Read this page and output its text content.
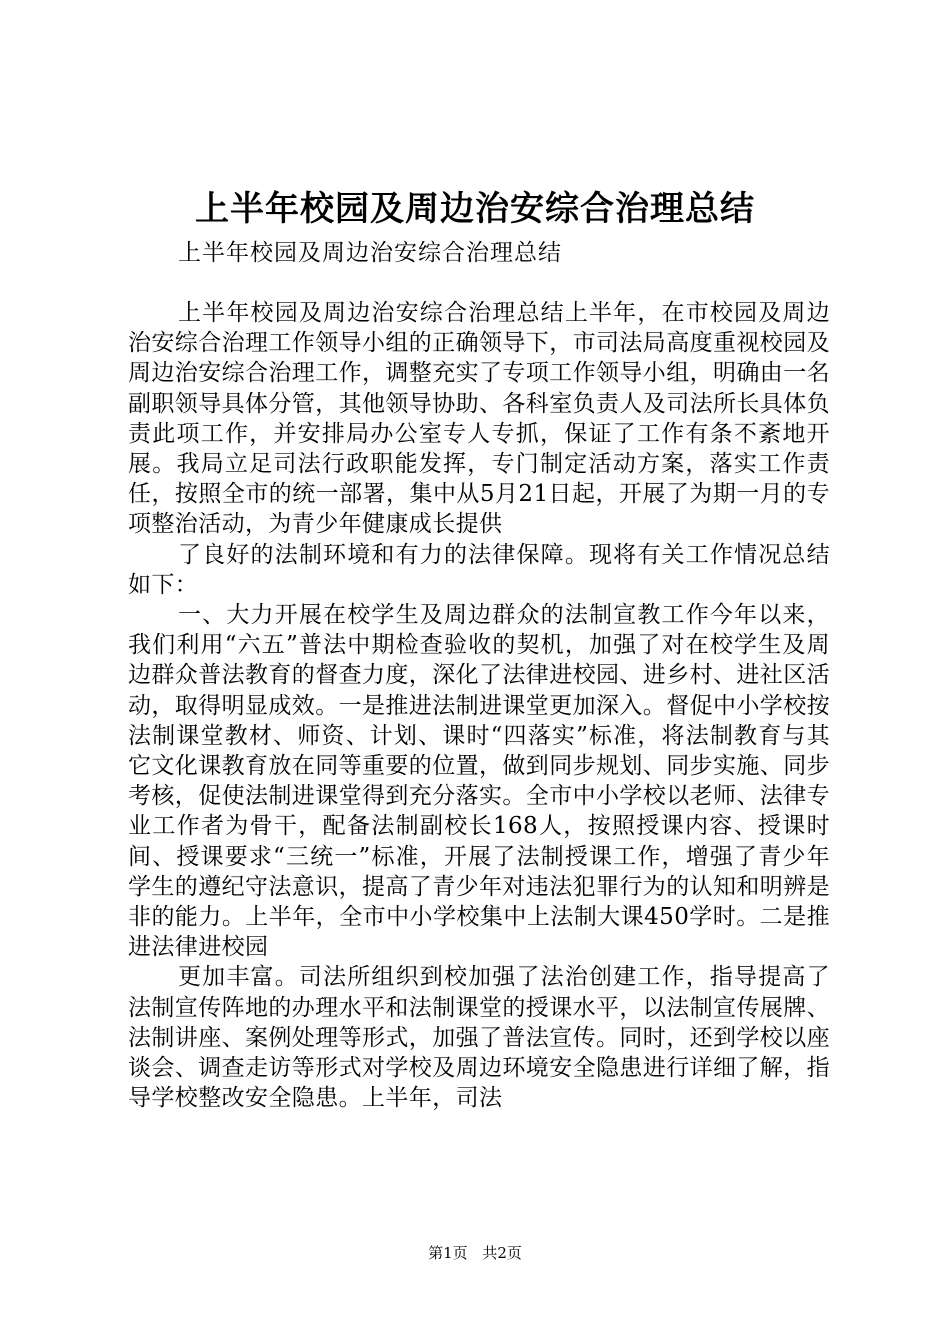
上半年校园及周边治安综合治理总结
上半年校园及周边治安综合治理总结

上半年校园及周边治安综合治理总结上半年，在市校园及周边治安综合治理工作领导小组的正确领导下，市司法局高度重视校园及周边治安综合治理工作，调整充实了专项工作领导小组，明确由一名副职领导具体分管，其他领导协助、各科室负责人及司法所长具体负责此项工作，并安排局办公室专人专抓，保证了工作有条不紊地开展。我局立足司法行政职能发挥，专门制定活动方案，落实工作责任，按照全市的统一部署，集中从5月21日起，开展了为期一月的专项整治活动，为青少年健康成长提供

了良好的法制环境和有力的法律保障。现将有关工作情况总结如下：

一、大力开展在校学生及周边群众的法制宣教工作今年以来，我们利用“六五”普法中期检查验收的契机，加强了对在校学生及周边群众普法教育的督查力度，深化了法律进校园、进乡村、进社区活动，取得明显成效。一是推进法制进课堂更加深入。督促中小学校按法制课堂教材、师资、计划、课时“四落实”标准，将法制教育与其它文化课教育放在同等重要的位置，做到同步规划、同步实施、同步考核，促使法制进课堂得到充分落实。全市中小学校以老师、法律专业工作者为骨干，配备法制副校长168人，按照授课内容、授课时间、授课要求“三统一”标准，开展了法制授课工作，增强了青少年学生的遵纪守法意识，提高了青少年对违法犯罪行为的认知和明辨是非的能力。上半年，全市中小学校集中上法制大课450学时。二是推进法律进校园

更加丰富。司法所组织到校加强了法治创建工作，指导提高了法制宣传阵地的办理水平和法制课堂的授课水平，以法制宣传展牌、法制讲座、案例处理等形式，加强了普法宣传。同时，还到学校以座谈会、调查走访等形式对学校及周边环境安全隐患进行详细了解，指导学校整改安全隐患。上半年，司法

第1页 共2页
